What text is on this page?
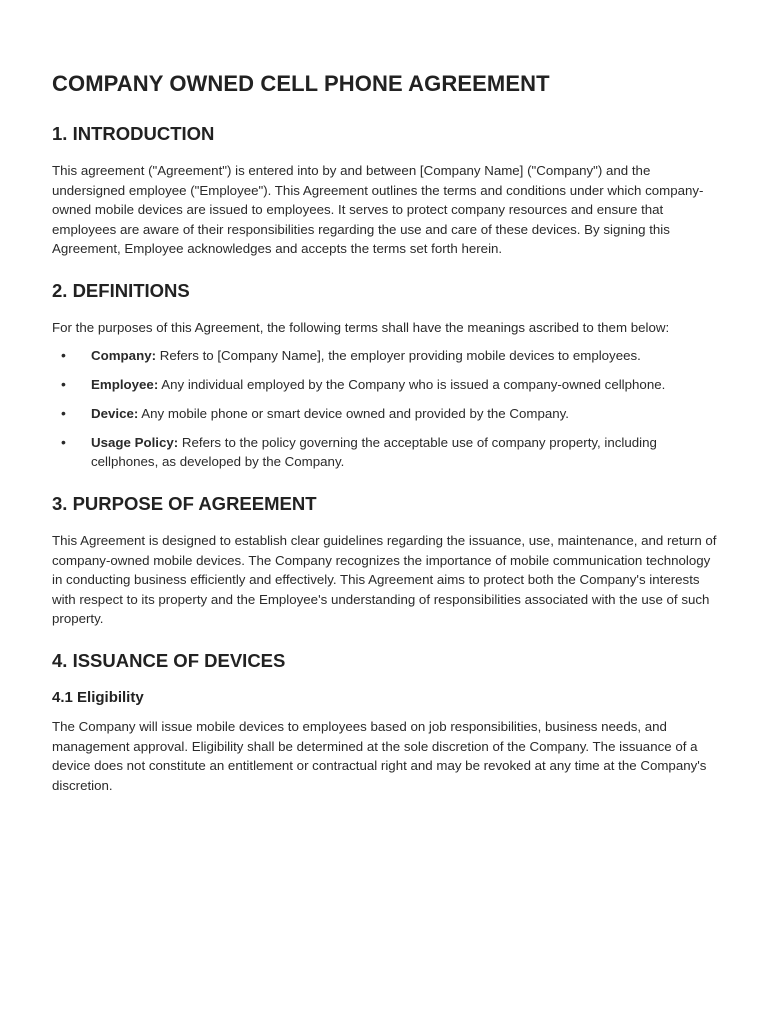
COMPANY OWNED CELL PHONE AGREEMENT
1. INTRODUCTION

This agreement ("Agreement") is entered into by and between [Company Name] ("Company") and the undersigned employee ("Employee"). This Agreement outlines the terms and conditions under which company-owned mobile devices are issued to employees. It serves to protect company resources and ensure that employees are aware of their responsibilities regarding the use and care of these devices. By signing this Agreement, Employee acknowledges and accepts the terms set forth herein.

2. DEFINITIONS

For the purposes of this Agreement, the following terms shall have the meanings ascribed to them below:

• Company: Refers to [Company Name], the employer providing mobile devices to employees.
• Employee: Any individual employed by the Company who is issued a company-owned cellphone.
• Device: Any mobile phone or smart device owned and provided by the Company.
• Usage Policy: Refers to the policy governing the acceptable use of company property, including cellphones, as developed by the Company.
3. PURPOSE OF AGREEMENT

This Agreement is designed to establish clear guidelines regarding the issuance, use, maintenance, and return of company-owned mobile devices. The Company recognizes the importance of mobile communication technology in conducting business efficiently and effectively. This Agreement aims to protect both the Company's interests with respect to its property and the Employee's understanding of responsibilities associated with the use of such property.

4. ISSUANCE OF DEVICES
4.1 Eligibility

The Company will issue mobile devices to employees based on job responsibilities, business needs, and management approval. Eligibility shall be determined at the sole discretion of the Company. The issuance of a device does not constitute an entitlement or contractual right and may be revoked at any time at the Company's discretion.
